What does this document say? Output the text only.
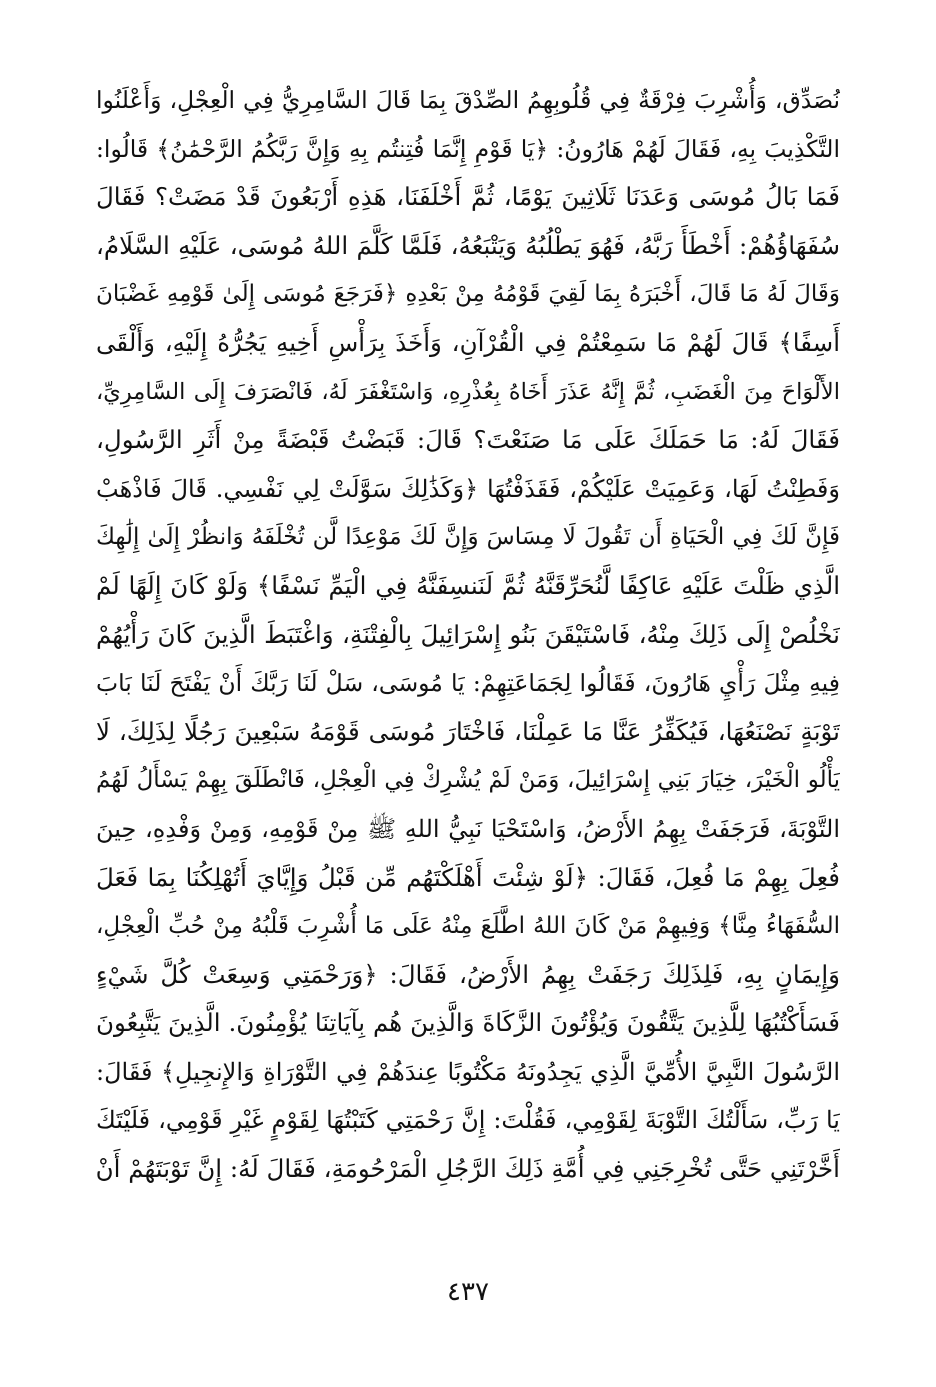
نُصَدِّق، وَأُشْرِبَ فِرْقَةٌ فِي قُلُوبِهِمُ الصِّدْقَ بِمَا قَالَ السَّامِرِيُّ فِي الْعِجْلِ، وَأَعْلَنُوا
التَّكْذِيبَ بِهِ، فَقَالَ لَهُمْ هَارُونُ: ﴿يَا قَوْمِ إِنَّمَا فُتِنتُم بِهِ وَإِنَّ رَبَّكُمُ الرَّحْمَٰنُ﴾ قَالُوا:
فَمَا بَالُ مُوسَى وَعَدَنَا ثَلَاثِينَ يَوْمًا، ثُمَّ أَخْلَفَنَا، هَذِهِ أَرْبَعُونَ قَدْ مَضَتْ؟ فَقَالَ
سُفَهَاؤُهُمْ: أَخْطَأَ رَبَّهُ، فَهُوَ يَطْلُبُهُ وَيَتْبَعُهُ، فَلَمَّا كَلَّمَ اللهُ مُوسَى، عَلَيْهِ السَّلَامُ،
وَقَالَ لَهُ مَا قَالَ، أَخْبَرَهُ بِمَا لَقِيَ قَوْمُهُ مِنْ بَعْدِهِ ﴿فَرَجَعَ مُوسَى إِلَىٰ قَوْمِهِ غَضْبَانَ
أَسِفًا﴾ قَالَ لَهُمْ مَا سَمِعْتُمْ فِي الْقُرْآنِ، وَأَخَذَ بِرَأْسِ أَخِيهِ يَجُرُّهُ إِلَيْهِ، وَأَلْقَى
الأَلْوَاحَ مِنَ الْغَضَبِ، ثُمَّ إِنَّهُ عَذَرَ أَخَاهُ بِعُذْرِهِ، وَاسْتَغْفَرَ لَهُ، فَانْصَرَفَ إِلَى السَّامِرِيِّ،
فَقَالَ لَهُ: مَا حَمَلَكَ عَلَى مَا صَنَعْتَ؟ قَالَ: قَبَضْتُ قَبْضَةً مِنْ أَثَرِ الرَّسُولِ،
وَفَطِنْتُ لَهَا، وَعَمِيَتْ عَلَيْكُمْ، فَقَذَفْتُهَا ﴿وَكَذَٰلِكَ سَوَّلَتْ لِي نَفْسِي. قَالَ فَاذْهَبْ
فَإِنَّ لَكَ فِي الْحَيَاةِ أَن تَقُولَ لَا مِسَاسَ وَإِنَّ لَكَ مَوْعِدًا لَّن تُخْلَفَهُ وَانظُرْ إِلَىٰ إِلَٰهِكَ
الَّذِي ظَلْتَ عَلَيْهِ عَاكِفًا لَّنُحَرِّقَنَّهُ ثُمَّ لَنَنسِفَنَّهُ فِي الْيَمِّ نَسْفًا﴾ وَلَوْ كَانَ إِلَهًا لَمْ
نَخْلُصْ إِلَى ذَلِكَ مِنْهُ، فَاسْتَيْقَنَ بَنُو إِسْرَائِيلَ بِالْفِتْنَةِ، وَاغْتَبَطَ الَّذِينَ كَانَ رَأْيُهُمْ
فِيهِ مِثْلَ رَأْيِ هَارُونَ، فَقَالُوا لِجَمَاعَتِهِمْ: يَا مُوسَى، سَلْ لَنَا رَبَّكَ أَنْ يَفْتَحَ لَنَا بَابَ
تَوْبَةٍ نَصْنَعُهَا، فَيُكَفِّرُ عَنَّا مَا عَمِلْنَا، فَاخْتَارَ مُوسَى قَوْمَهُ سَبْعِينَ رَجُلًا لِذَلِكَ، لَا
يَأْلُو الْخَيْرَ، خِيَارَ بَنِي إِسْرَائِيلَ، وَمَنْ لَمْ يُشْرِكْ فِي الْعِجْلِ، فَانْطَلَقَ بِهِمْ يَسْأَلُ لَهُمُ
التَّوْبَةَ، فَرَجَفَتْ بِهِمُ الأَرْضُ، وَاسْتَحْيَا نَبِيُّ اللهِ ﷺ مِنْ قَوْمِهِ، وَمِنْ وَفْدِهِ، حِينَ
فُعِلَ بِهِمْ مَا فُعِلَ، فَقَالَ: ﴿لَوْ شِئْتَ أَهْلَكْتَهُم مِّن قَبْلُ وَإِيَّايَ أَتُهْلِكُنَا بِمَا فَعَلَ
السُّفَهَاءُ مِنَّا﴾ وَفِيهِمْ مَنْ كَانَ اللهُ اطَّلَعَ مِنْهُ عَلَى مَا أُشْرِبَ قَلْبُهُ مِنْ حُبِّ الْعِجْلِ،
وَإِيمَانٍ بِهِ، فَلِذَلِكَ رَجَفَتْ بِهِمُ الأَرْضُ، فَقَالَ: ﴿وَرَحْمَتِي وَسِعَتْ كُلَّ شَيْءٍ
فَسَأَكْتُبُهَا لِلَّذِينَ يَتَّقُونَ وَيُؤْتُونَ الزَّكَاةَ وَالَّذِينَ هُم بِآيَاتِنَا يُؤْمِنُونَ. الَّذِينَ يَتَّبِعُونَ
الرَّسُولَ النَّبِيَّ الأُمِّيَّ الَّذِي يَجِدُونَهُ مَكْتُوبًا عِندَهُمْ فِي التَّوْرَاةِ وَالإِنجِيلِ﴾ فَقَالَ:
يَا رَبِّ، سَأَلْتُكَ التَّوْبَةَ لِقَوْمِي، فَقُلْتَ: إِنَّ رَحْمَتِي كَتَبْتُهَا لِقَوْمٍ غَيْرِ قَوْمِي، فَلَيْتَكَ
أَخَّرْتَنِي حَتَّى تُخْرِجَنِي فِي أُمَّةِ ذَلِكَ الرَّجُلِ الْمَرْحُومَةِ، فَقَالَ لَهُ: إِنَّ تَوْبَتَهُمْ أَنْ
٤٣٧
